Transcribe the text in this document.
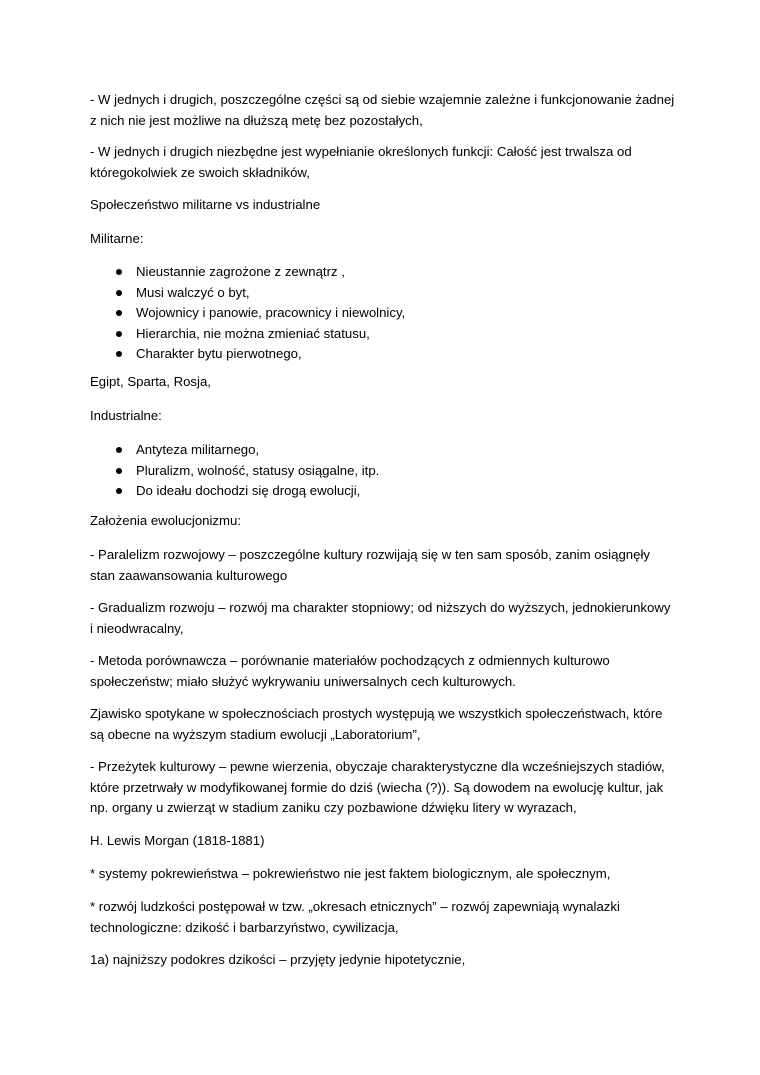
- W jednych i drugich, poszczególne części są od siebie wzajemnie zależne i funkcjonowanie żadnej z nich nie jest możliwe na dłuższą metę bez pozostałych,

- W jednych i drugich niezbędne jest wypełnianie określonych funkcji: Całość jest trwalsza od któregokolwiek ze swoich składników,

Społeczeństwo militarne vs industrialne

Militarne:

Nieustannie zagrożone z zewnątrz ,
Musi walczyć o byt,
Wojownicy i panowie, pracownicy i niewolnicy,
Hierarchia, nie można zmieniać statusu,
Charakter bytu pierwotnego,

Egipt, Sparta, Rosja,

Industrialne:

Antyteza militarnego,
Pluralizm, wolność, statusy osiągalne, itp.
Do ideału dochodzi się drogą ewolucji,

Założenia ewolucjonizmu:

- Paralelizm rozwojowy – poszczególne kultury rozwijają się w ten sam sposób, zanim osiągnęły stan zaawansowania kulturowego

- Gradualizm rozwoju – rozwój ma charakter stopniowy; od niższych do wyższych, jednokierunkowy i nieodwracalny,

- Metoda porównawcza – porównanie materiałów pochodzących z odmiennych kulturowo społeczeństw; miało służyć wykrywaniu uniwersalnych cech kulturowych.

Zjawisko spotykane w społecznościach prostych występują we wszystkich społeczeństwach, które są obecne na wyższym stadium ewolucji „Laboratorium”,

- Przeżytek kulturowy – pewne wierzenia, obyczaje charakterystyczne dla wcześniejszych stadiów, które przetrwały w modyfikowanej formie do dziś (wiecha (?)). Są dowodem na ewolucję kultur, jak np. organy u zwierząt w stadium zaniku czy pozbawione dźwięku litery w wyrazach,

H. Lewis Morgan (1818-1881)

* systemy pokrewieństwa – pokrewieństwo nie jest faktem biologicznym, ale społecznym,

* rozwój ludzkości postępował w tzw. „okresach etnicznych” – rozwój zapewniają wynalazki technologiczne: dzikość i barbarzyństwo, cywilizacja,

1a) najniższy podokres dzikości – przyjęty jedynie hipotetycznie,
